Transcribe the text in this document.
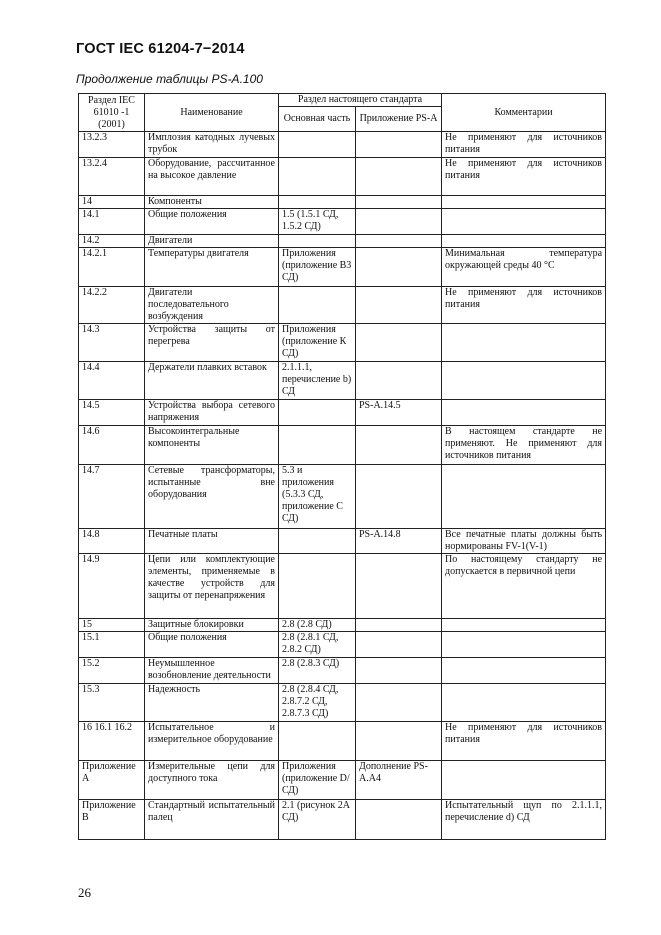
ГОСТ IEC 61204-7−2014
Продолжение таблицы PS-A.100
Раздел IEC 61010 -1 (2001)	Наименование	Раздел настоящего стандарта		Комментарии
		Основная часть	Приложение PS-A	
13.2.3	Имплозия катодных лучевых трубок			Не применяют для источников питания
13.2.4	Оборудование, рассчитанное на высокое давление			Не применяют для источников питания
14	Компоненты			
14.1	Общие положения	1.5 (1.5.1 СД, 1.5.2 СД)		
14.2	Двигатели			
14.2.1	Температуры двигателя	Приложения (приложение В3 СД)		Минимальная температура окружающей среды 40 °С
14.2.2	Двигатели последовательного возбуждения			Не применяют для источников питания
14.3	Устройства защиты от перегрева	Приложения (приложение К СД)		
14.4	Держатели плавких вставок	2.1.1.1, перечисление b) СД		
14.5	Устройства выбора сетевого напряжения		PS-A.14.5	
14.6	Высокоинтегральные компоненты			В настоящем стандарте не применяют. Не применяют для источников питания
14.7	Сетевые трансформаторы, испытанные вне оборудования	5.3 и приложения (5.3.3 СД, приложение С СД)		
14.8	Печатные платы		PS-A.14.8	Все печатные платы должны быть нормированы FV-1(V-1)
14.9	Цепи или комплектующие элементы, применяемые в качестве устройств для защиты от перенапряжения			По настоящему стандарту не допускается в первичной цепи
15	Защитные блокировки	2.8 (2.8 СД)		
15.1	Общие положения	2.8 (2.8.1 СД, 2.8.2 СД)		
15.2	Неумышленное возобновление деятельности	2.8 (2.8.3 СД)		
15.3	Надежность	2.8 (2.8.4 СД, 2.8.7.2 СД, 2.8.7.3 СД)		
16 16.1 16.2	Испытательное и измерительное оборудование			Не применяют для источников питания
Приложение А	Измерительные цепи для доступного тока	Приложения (приложение D/СД)	Дополнение PS-A.A4	
Приложение В	Стандартный испытательный палец	2.1 (рисунок 2А СД)		Испытательный щуп по 2.1.1.1, перечисление d) СД
26
